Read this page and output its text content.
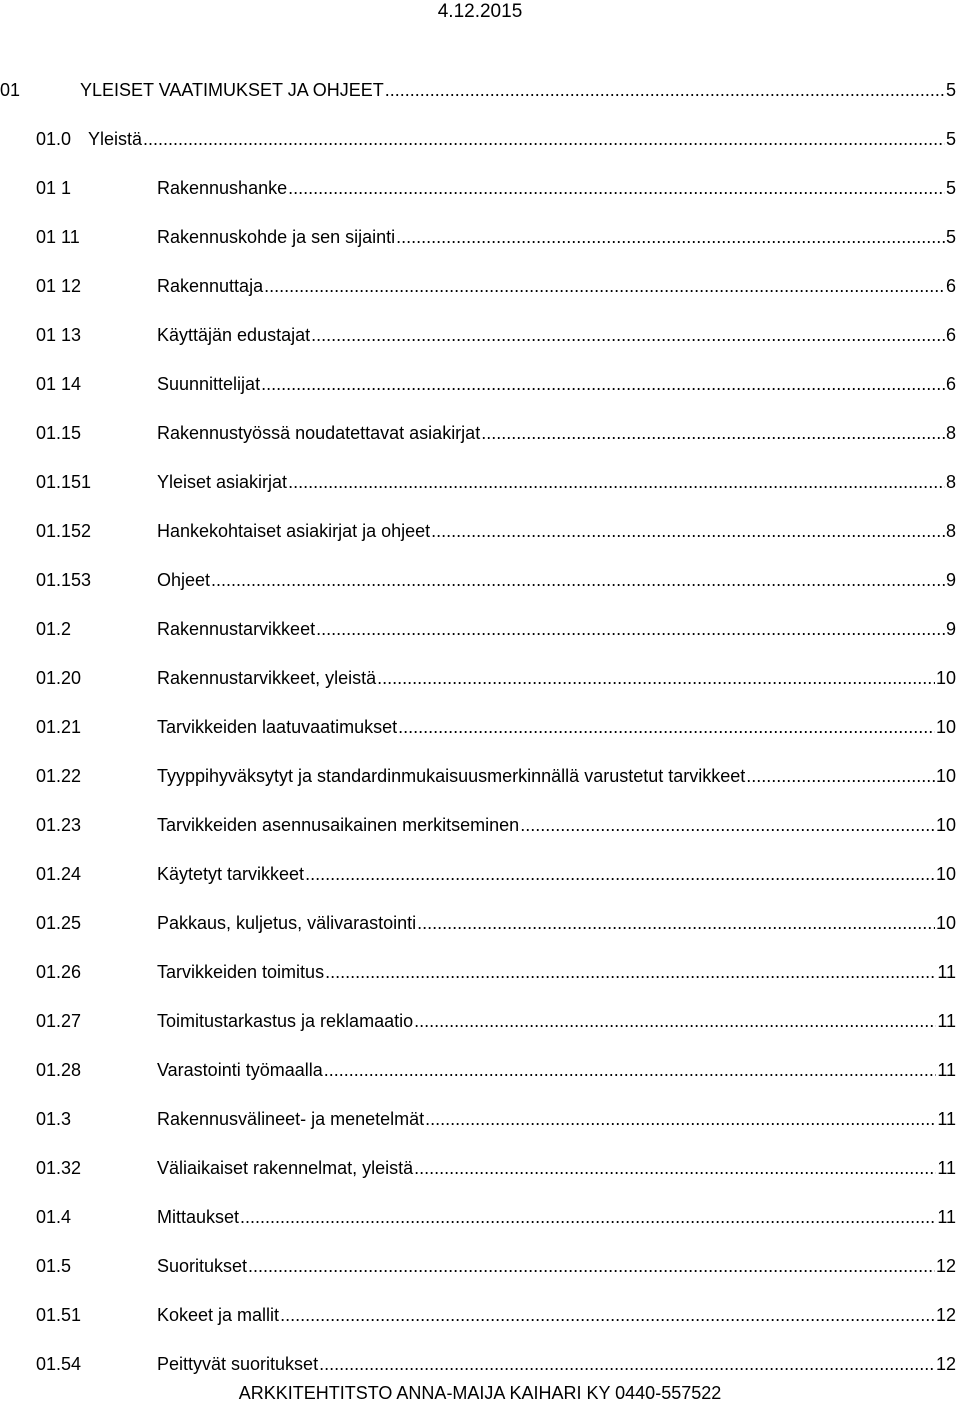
4.12.2015
01	YLEISET VAATIMUKSET JA OHJEET .....	5
01.0 Yleistä .....	5
01 1	Rakennushanke .....	5
01 11	Rakennuskohde ja sen sijainti .....	5
01 12	Rakennuttaja .....	6
01 13	Käyttäjän edustajat .....	6
01 14	Suunnittelijat .....	6
01.15	Rakennustyössä noudatettavat asiakirjat .....	8
01.151	Yleiset asiakirjat .....	8
01.152	Hankekohtaiset asiakirjat ja ohjeet .....	8
01.153	Ohjeet .....	9
01.2	Rakennustarvikkeet .....	9
01.20	Rakennustarvikkeet, yleistä .....	10
01.21	Tarvikkeiden laatuvaatimukset .....	10
01.22	Tyyppihyväksytyt ja standardinmukaisuusmerkinnällä varustetut tarvikkeet .....	10
01.23	Tarvikkeiden asennusaikainen merkitseminen .....	10
01.24	Käytetyt tarvikkeet .....	10
01.25	Pakkaus, kuljetus, välivarastointi .....	10
01.26	Tarvikkeiden toimitus .....	11
01.27	Toimitustarkastus ja reklamaatio .....	11
01.28	Varastointi työmaalla .....	11
01.3	Rakennusvälineet- ja menetelmät .....	11
01.32	Väliaikaiset rakennelmat, yleistä .....	11
01.4	Mittaukset .....	11
01.5	Suoritukset .....	12
01.51	Kokeet ja mallit .....	12
01.54	Peittyvät suoritukset .....	12
ARKKITEHTITSTO ANNA-MAIJA KAIHARI KY 0440-557522
